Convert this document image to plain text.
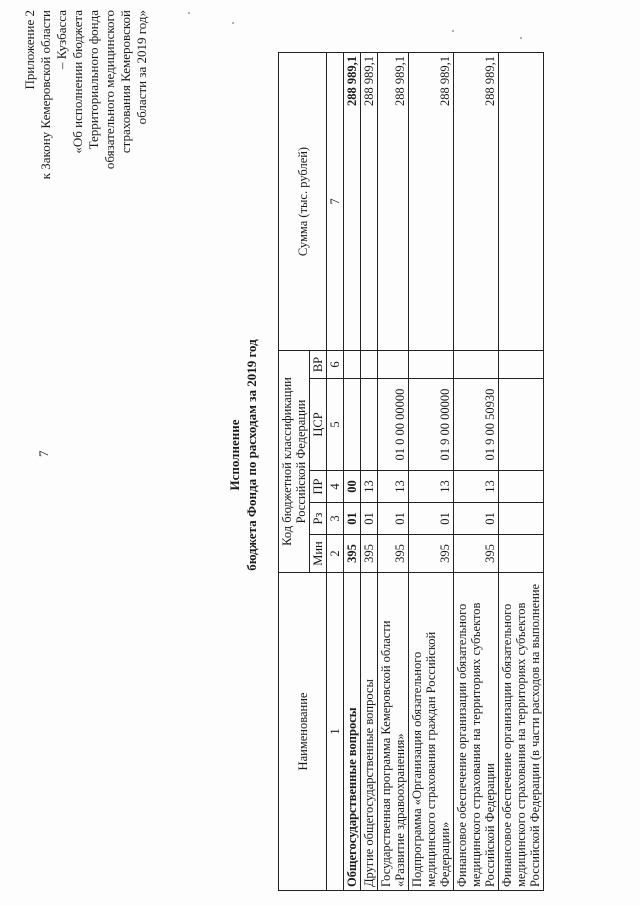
7
Приложение 2 к Закону Кемеровской области – Кузбасса «Об исполнении бюджета Территориального фонда обязательного медицинского страхования Кемеровской области за 2019 год»
Исполнение бюджета Фонда по расходам за 2019 год
Наименование	Код бюджетной классификации Российской Федерации					Сумма (тыс. рублей)
	Мин	Рз	ПР	ЦСР	ВР	
1	2	3	4	5	6	7
Общегосударственные вопросы	395	01	00			288 989,1
Другие общегосударственные вопросы	395	01	13			288 989,1
Государственная программа Кемеровской области «Развитие здравоохранения»	395	01	13	01 0 00 00000		288 989,1
Подпрограмма «Организация обязательного медицинского страхования граждан Российской Федерации»	395	01	13	01 9 00 00000		288 989,1
Финансовое обеспечение организации обязательного медицинского страхования на территориях субъектов Российской Федерации	395	01	13	01 9 00 50930		288 989,1
Финансовое обеспечение организации обязательного медицинского страхования на территориях субъектов Российской Федерации (в части расходов на выполнение						
